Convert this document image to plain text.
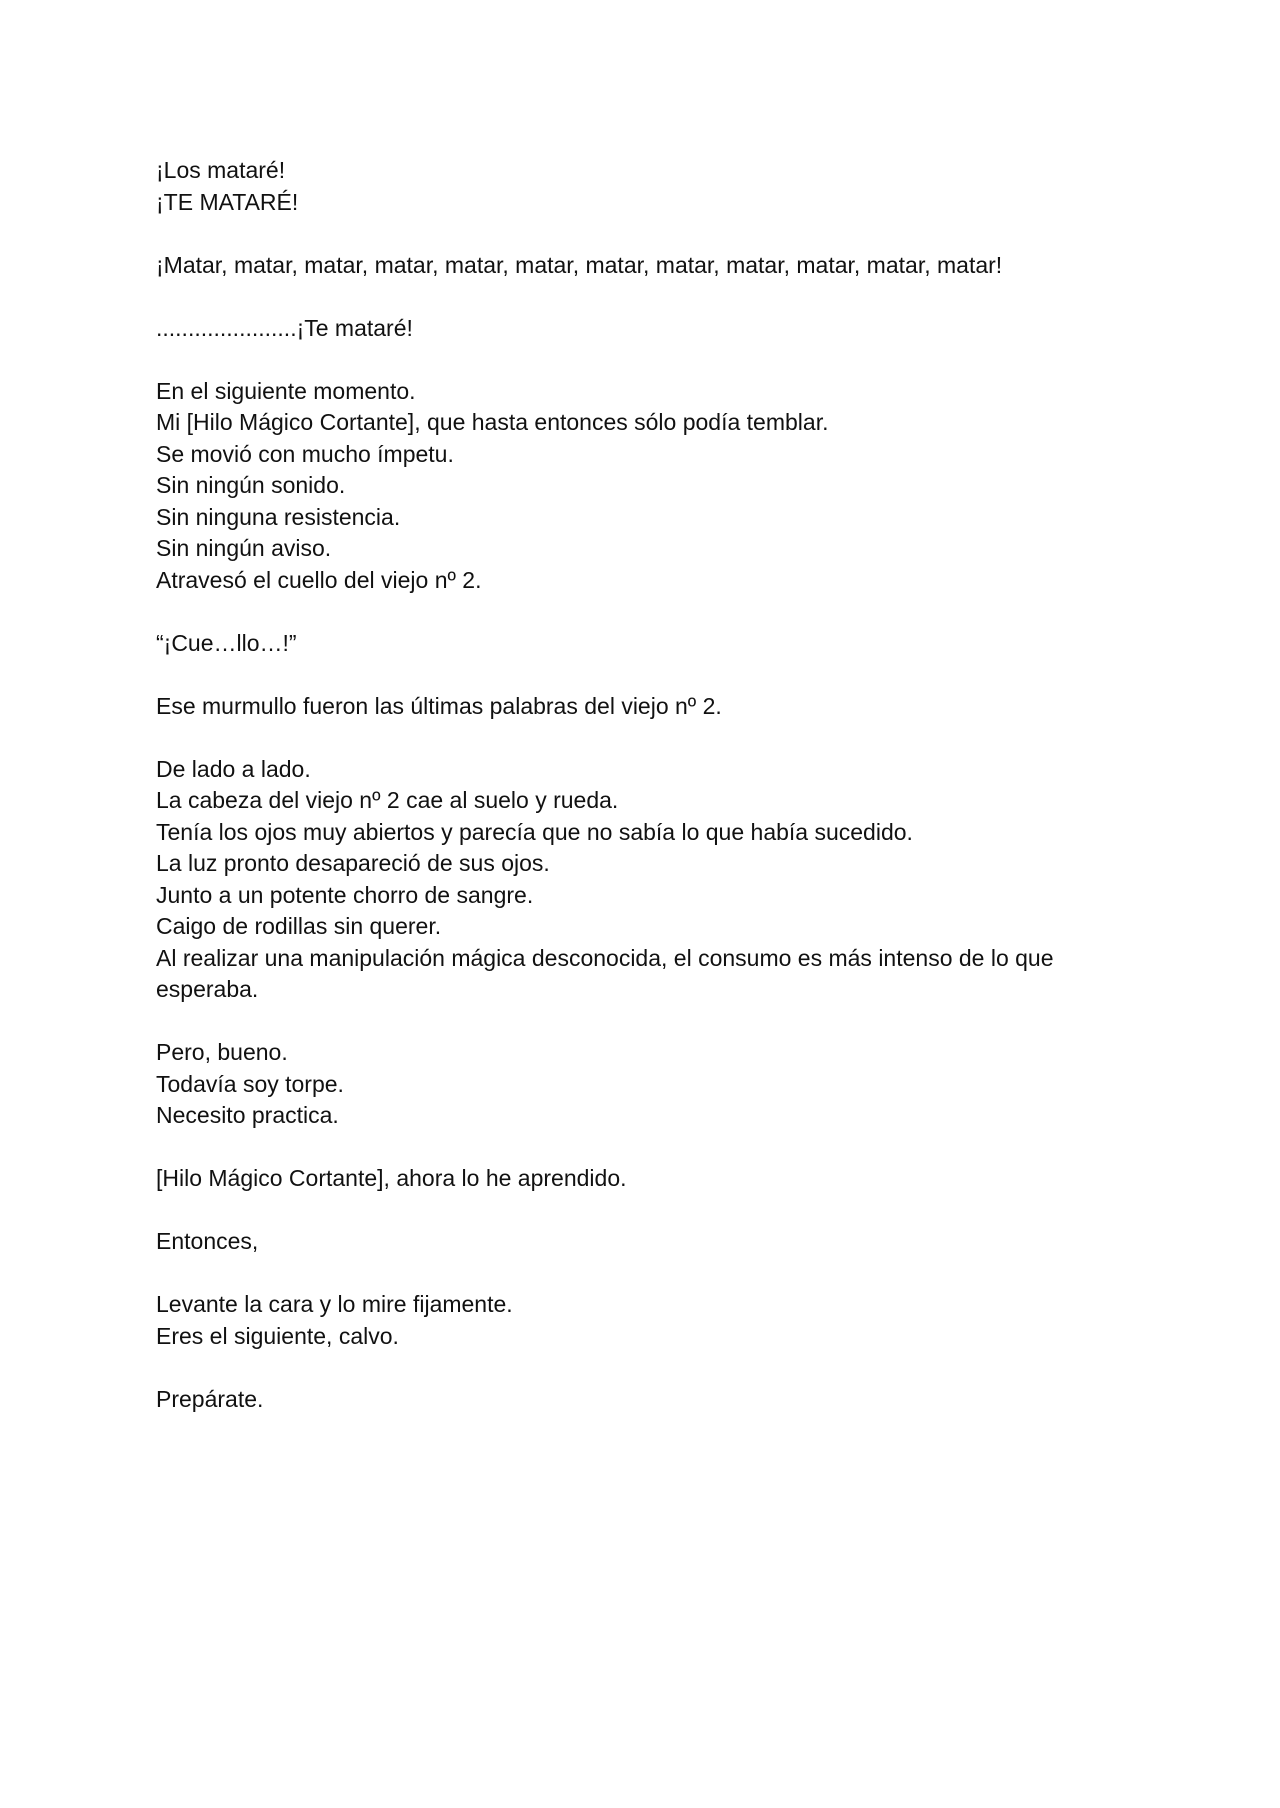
¡Los mataré!
¡TE MATARÉ!
¡Matar, matar, matar, matar, matar, matar, matar, matar, matar, matar, matar, matar!
......................¡Te mataré!
En el siguiente momento.
Mi [Hilo Mágico Cortante], que hasta entonces sólo podía temblar.
Se movió con mucho ímpetu.
Sin ningún sonido.
Sin ninguna resistencia.
Sin ningún aviso.
Atravesó el cuello del viejo nº 2.
“¡Cue…llo…!”
Ese murmullo fueron las últimas palabras del viejo nº 2.
De lado a lado.
La cabeza del viejo nº 2 cae al suelo y rueda.
Tenía los ojos muy abiertos y parecía que no sabía lo que había sucedido.
La luz pronto desapareció de sus ojos.
Junto a un potente chorro de sangre.
Caigo de rodillas sin querer.
Al realizar una manipulación mágica desconocida, el consumo es más intenso de lo que esperaba.
Pero, bueno.
Todavía soy torpe.
Necesito practica.
[Hilo Mágico Cortante], ahora lo he aprendido.
Entonces,
Levante la cara y lo mire fijamente.
Eres el siguiente, calvo.
Prepárate.
